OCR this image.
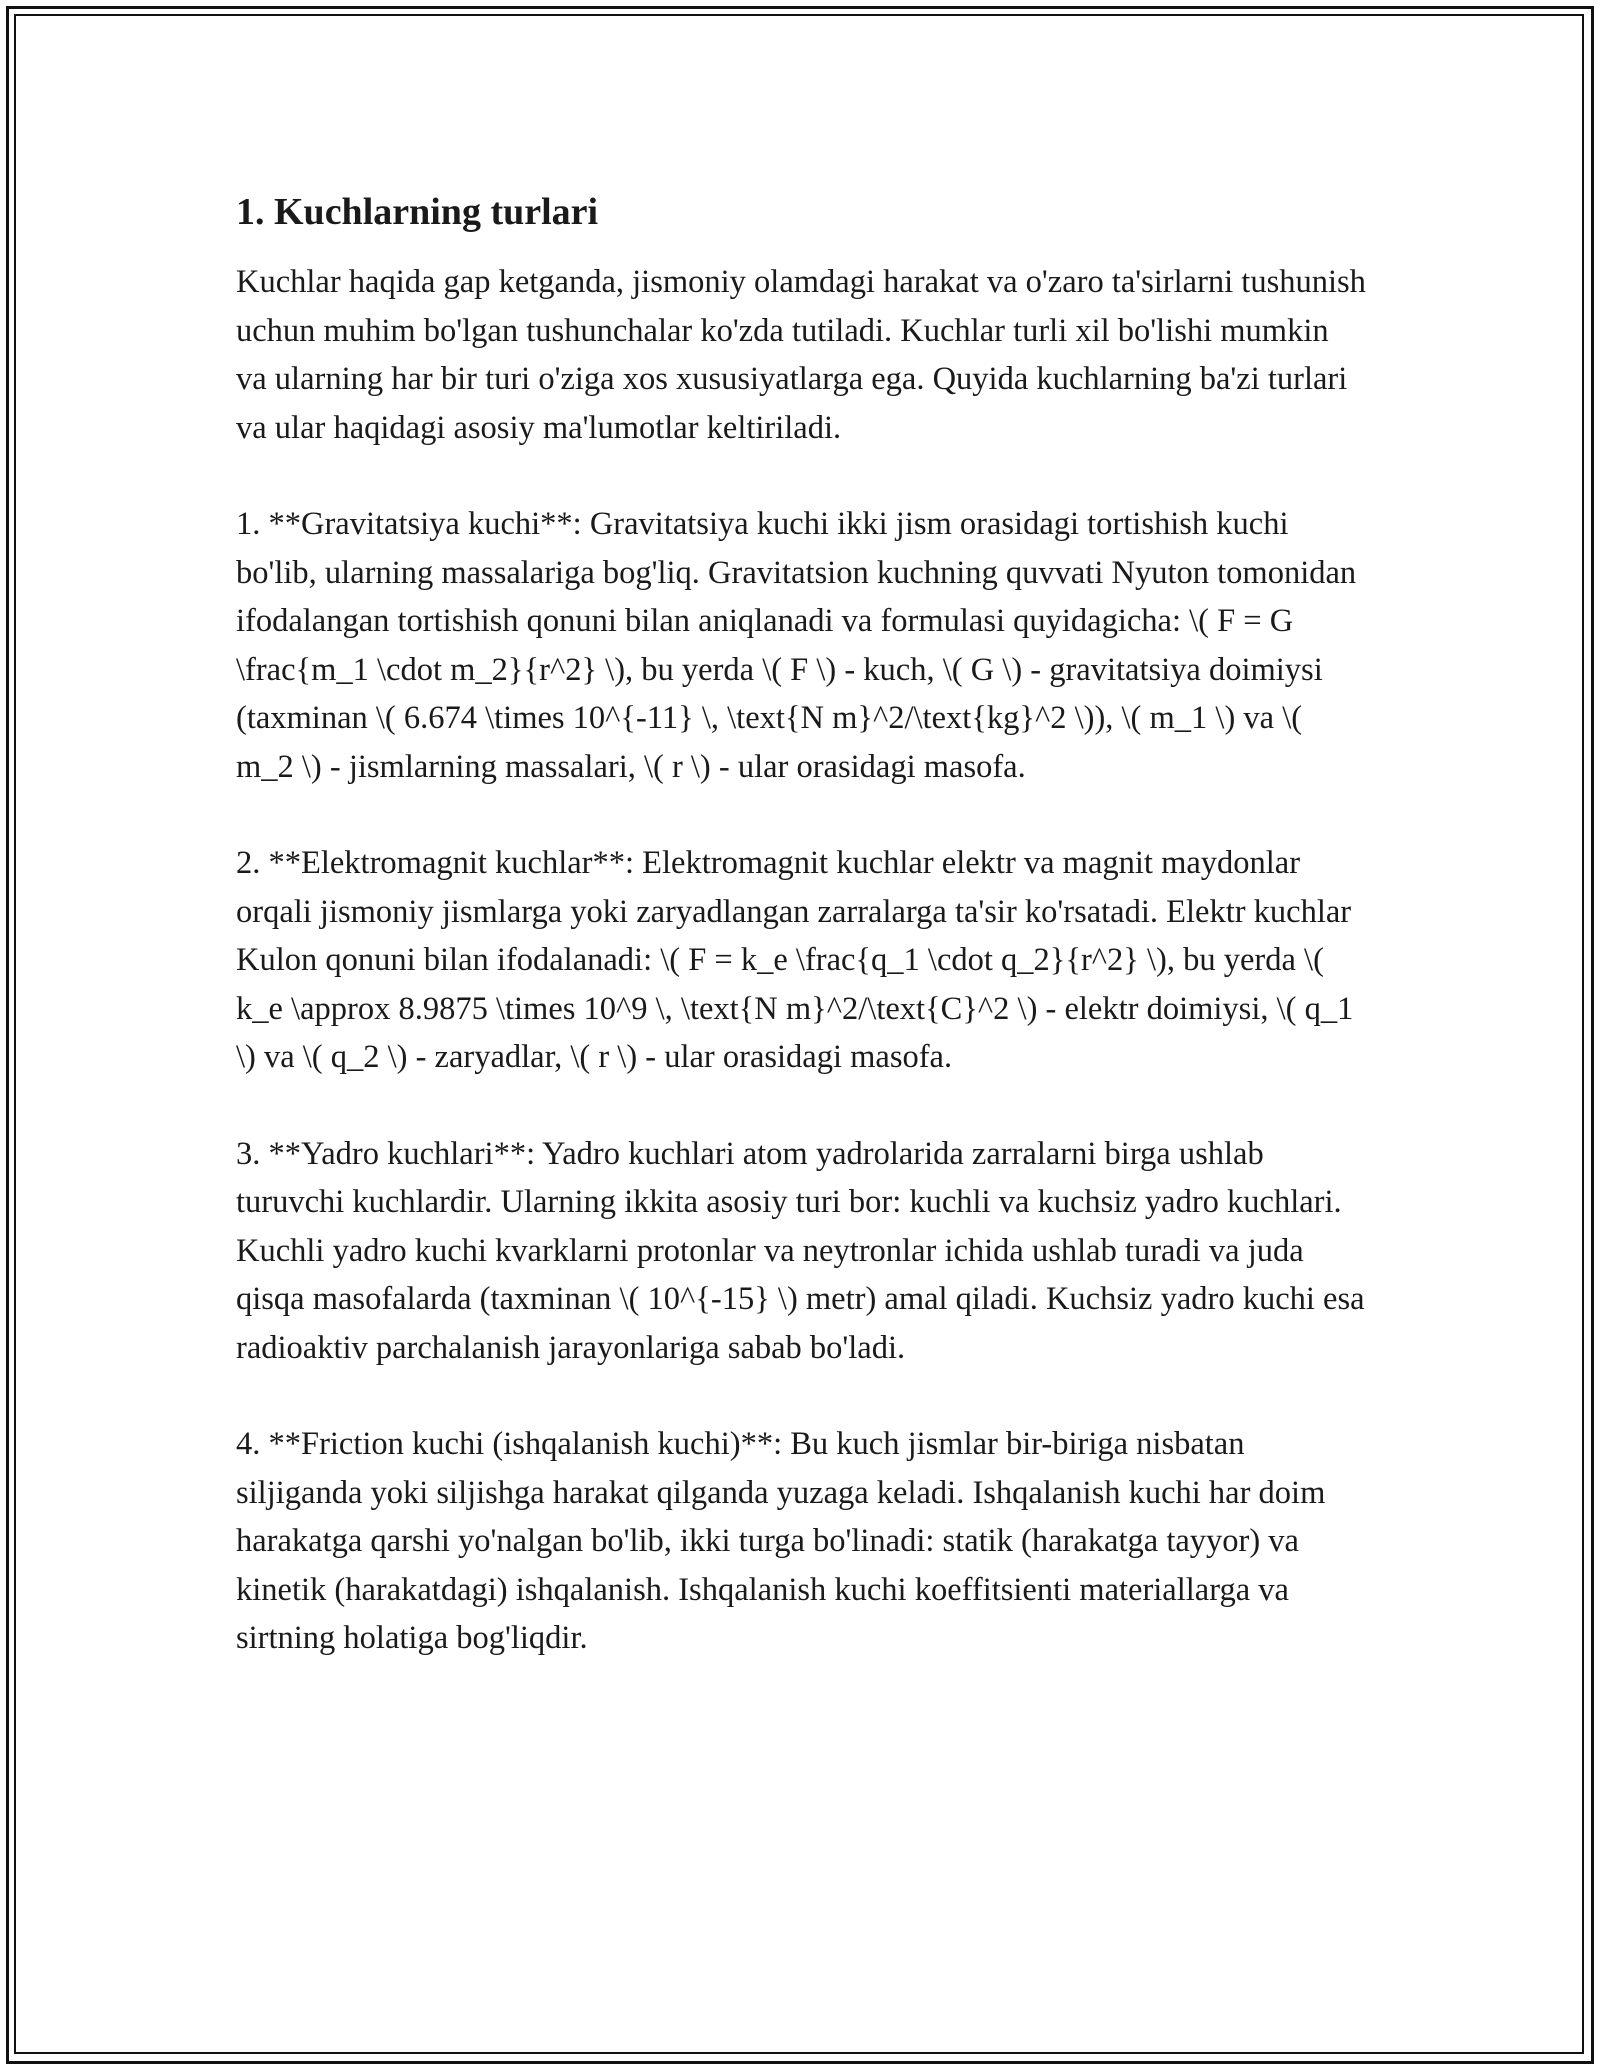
1. Kuchlarning turlari

Kuchlar haqida gap ketganda, jismoniy olamdagi harakat va o'zaro ta'sirlarni tushunish uchun muhim bo'lgan tushunchalar ko'zda tutiladi. Kuchlar turli xil bo'lishi mumkin va ularning har bir turi o'ziga xos xususiyatlarga ega. Quyida kuchlarning ba'zi turlari va ular haqidagi asosiy ma'lumotlar keltiriladi.

1. **Gravitatsiya kuchi**: Gravitatsiya kuchi ikki jism orasidagi tortishish kuchi bo'lib, ularning massalariga bog'liq. Gravitatsion kuchning quvvati Nyuton tomonidan ifodalangan tortishish qonuni bilan aniqlanadi va formulasi quyidagicha: \( F = G \frac{m_1 \cdot m_2}{r^2} \), bu yerda \( F \) - kuch, \( G \) - gravitatsiya doimiysi (taxminan \( 6.674 \times 10^{-11} \, \text{N m}^2/\text{kg}^2 \)), \( m_1 \) va \( m_2 \) - jismlarning massalari, \( r \) - ular orasidagi masofa.

2. **Elektromagnit kuchlar**: Elektromagnit kuchlar elektr va magnit maydonlar orqali jismoniy jismlarga yoki zaryadlangan zarralarga ta'sir ko'rsatadi. Elektr kuchlar Kulon qonuni bilan ifodalanadi: \( F = k_e \frac{q_1 \cdot q_2}{r^2} \), bu yerda \( k_e \approx 8.9875 \times 10^9 \, \text{N m}^2/\text{C}^2 \) - elektr doimiysi, \( q_1 \) va \( q_2 \) - zaryadlar, \( r \) - ular orasidagi masofa.

3. **Yadro kuchlari**: Yadro kuchlari atom yadrolarida zarralarni birga ushlab turuvchi kuchlardir. Ularning ikkita asosiy turi bor: kuchli va kuchsiz yadro kuchlari. Kuchli yadro kuchi kvarklarni protonlar va neytronlar ichida ushlab turadi va juda qisqa masofalarda (taxminan \( 10^{-15} \) metr) amal qiladi. Kuchsiz yadro kuchi esa radioaktiv parchalanish jarayonlariga sabab bo'ladi.

4. **Friction kuchi (ishqalanish kuchi)**: Bu kuch jismlar bir-biriga nisbatan siljiganda yoki siljishga harakat qilganda yuzaga keladi. Ishqalanish kuchi har doim harakatga qarshi yo'nalgan bo'lib, ikki turga bo'linadi: statik (harakatga tayyor) va kinetik (harakatdagi) ishqalanish. Ishqalanish kuchi koeffitsienti materiallarga va sirtning holatiga bog'liqdir.
